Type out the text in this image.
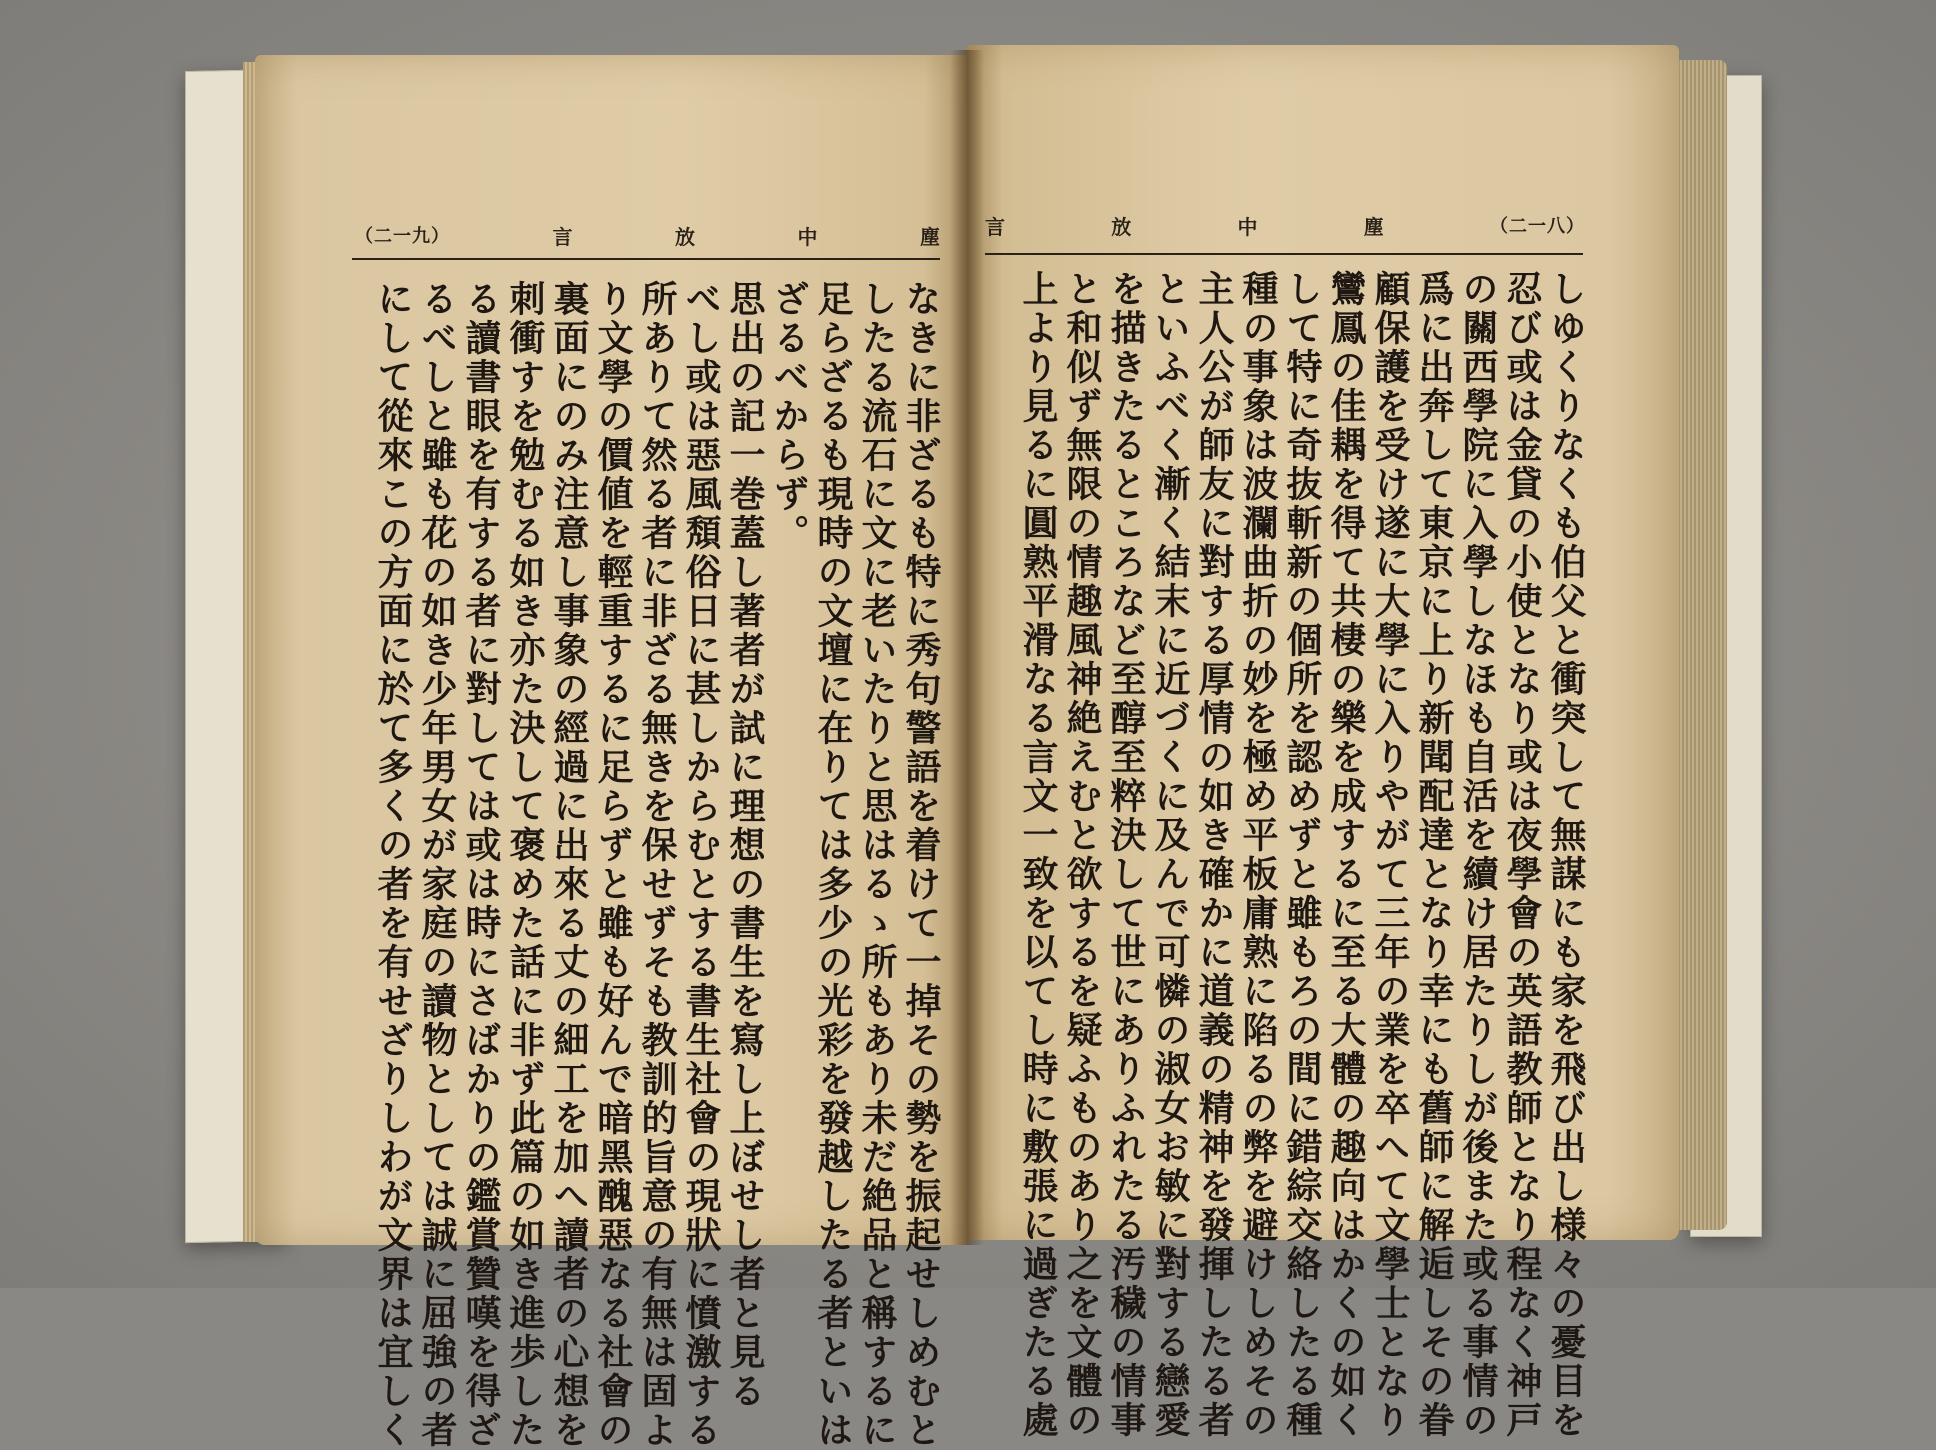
（二一九）	言	放	中	塵 言	放	中	塵	（二一八）
なきに非ざるも特に秀句警語を着けて一掉その勢を振起せしめむと
したる流石に文に老いたりと思はるゝ所もあり未だ絶品と稱するに
足らざるも現時の文壇に在りては多少の光彩を發越したる者といは
ざるべからず。
思出の記一巻蓋し著者が試に理想の書生を寫し上ぼせし者と見る
べし或は惡風頽俗日に甚しからむとする書生社會の現狀に憤激する
所ありて然る者に非ざる無きを保せずそも教訓的旨意の有無は固よ
り文學の價値を輕重するに足らずと雖も好んで暗黑醜惡なる社會の
裏面にのみ注意し事象の經過に出來る丈の細工を加へ讀者の心想を
刺衝すを勉むる如き亦た決して褒めた話に非ず此篇の如き進歩した
る讀書眼を有する者に對しては或は時にさばかりの鑑賞贊嘆を得ざ
るべしと雖も花の如き少年男女が家庭の讀物としては誠に屈強の者
にして從來この方面に於て多くの者を有せざりしわが文界は宜しく	しゆくりなくも伯父と衝突して無謀にも家を飛び出し様々の憂目を
忍び或は金貸の小使となり或は夜學會の英語教師となり程なく神戸
の關西學院に入學しなほも自活を續け居たりしが後また或る事情の
爲に出奔して東京に上り新聞配達となり幸にも舊師に解逅しその眷
顧保護を受け遂に大學に入りやがて三年の業を卒へて文學士となり
鸞鳳の佳耦を得て共棲の樂を成するに至る大體の趣向はかくの如く
して特に奇抜斬新の個所を認めずと雖もろの間に錯綜交絡したる種
種の事象は波瀾曲折の妙を極め平板庸熟に陷るの弊を避けしめその
主人公が師友に對する厚情の如き確かに道義の精神を發揮したる者
といふべく漸く結末に近づくに及んで可憐の淑女お敏に對する戀愛
を描きたるところなど至醇至粹決して世にありふれたる汚穢の情事
と和似ず無限の情趣風神絶えむと欲するを疑ふものあり之を文體の
上より見るに圓熟平滑なる言文一致を以てし時に敷張に過ぎたる處
